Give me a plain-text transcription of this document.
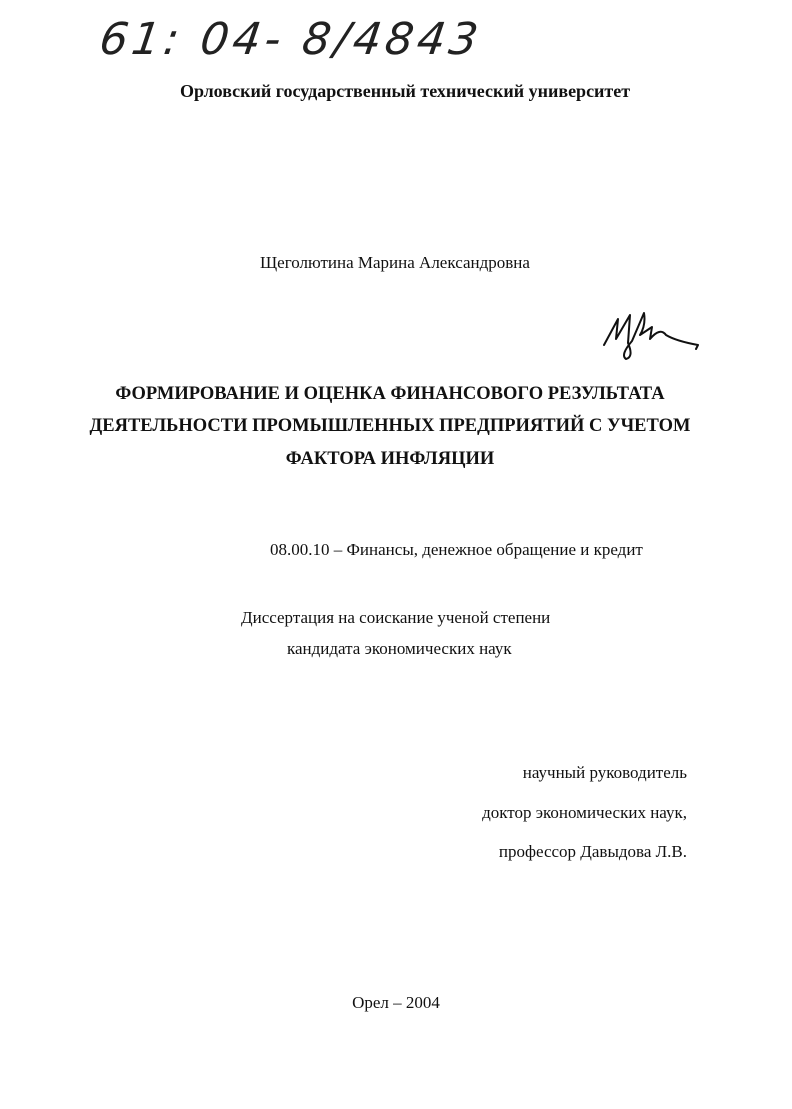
61: 04- 8/4843
Орловский государственный технический университет
Щеголютина Марина Александровна
ФОРМИРОВАНИЕ И ОЦЕНКА ФИНАНСОВОГО РЕЗУЛЬТАТА
ДЕЯТЕЛЬНОСТИ ПРОМЫШЛЕННЫХ ПРЕДПРИЯТИЙ С УЧЕТОМ
ФАКТОРА ИНФЛЯЦИИ
08.00.10 – Финансы, денежное обращение и кредит
Диссертация на соискание ученой степени
кандидата экономических наук
научный руководитель
доктор экономических наук,
профессор Давыдова Л.В.
Орел – 2004
